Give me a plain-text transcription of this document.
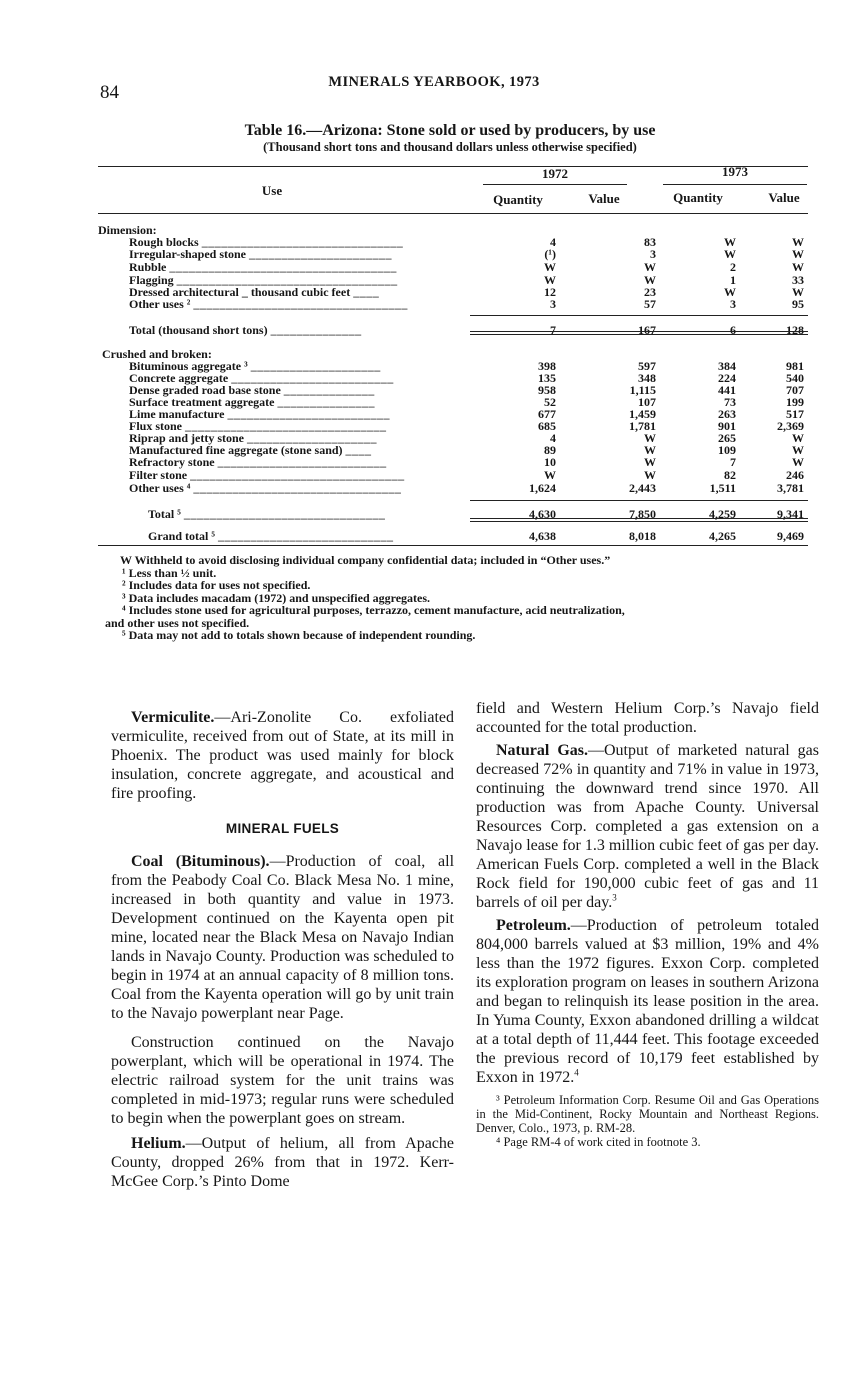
84	MINERALS YEARBOOK, 1973
Table 16.—Arizona: Stone sold or used by producers, by use
(Thousand short tons and thousand dollars unless otherwise specified)
Use
1972	1973
Quantity	Value	Quantity	Value
Dimension:
Rough blocks _______________________________	4	83	W	W
Irregular-shaped stone ______________________	(¹)	3	W	W
Rubble ___________________________________	W	W	2	W
Flagging __________________________________	W	W	1	33
Dressed architectural _ thousand cubic feet ____	12	23	W	W
Other uses ² _________________________________	3	57	3	95
Total (thousand short tons) ______________	7	167	6	128
Crushed and broken:
Bituminous aggregate ³ ____________________	398	597	384	981
Concrete aggregate _________________________	135	348	224	540
Dense graded road base stone ______________	958	1,115	441	707
Surface treatment aggregate _______________	52	107	73	199
Lime manufacture _________________________	677	1,459	263	517
Flux stone _______________________________	685	1,781	901	2,369
Riprap and jetty stone ____________________	4	W	265	W
Manufactured fine aggregate (stone sand) ____	89	W	109	W
Refractory stone __________________________	10	W	7	W
Filter stone _________________________________	W	W	82	246
Other uses ⁴ ________________________________	1,624	2,443	1,511	3,781
Total ⁵ _______________________________	4,630	7,850	4,259	9,341
Grand total ⁵ ___________________________	4,638	8,018	4,265	9,469
W Withheld to avoid disclosing individual company confidential data; included in “Other uses.”
¹ Less than ½ unit.
² Includes data for uses not specified.
³ Data includes macadam (1972) and unspecified aggregates.
⁴ Includes stone used for agricultural purposes, terrazzo, cement manufacture, acid neutralization,
and other uses not specified.
⁵ Data may not add to totals shown because of independent rounding.

Vermiculite.—Ari-Zonolite Co. exfoliated vermiculite, received from out of State, at its mill in Phoenix. The product was used mainly for block insulation, concrete aggregate, and acoustical and fire proofing.

MINERAL FUELS

Coal (Bituminous).—Production of coal, all from the Peabody Coal Co. Black Mesa No. 1 mine, increased in both quantity and value in 1973. Development continued on the Kayenta open pit mine, located near the Black Mesa on Navajo Indian lands in Navajo County. Production was scheduled to begin in 1974 at an annual capacity of 8 million tons. Coal from the Kayenta operation will go by unit train to the Navajo powerplant near Page.

Construction continued on the Navajo powerplant, which will be operational in 1974. The electric railroad system for the unit trains was completed in mid-1973; regular runs were scheduled to begin when the powerplant goes on stream.

Helium.—Output of helium, all from Apache County, dropped 26% from that in 1972. Kerr-McGee Corp.’s Pinto Dome

field and Western Helium Corp.’s Navajo field accounted for the total production.

Natural Gas.—Output of marketed natural gas decreased 72% in quantity and 71% in value in 1973, continuing the downward trend since 1970. All production was from Apache County. Universal Resources Corp. completed a gas extension on a Navajo lease for 1.3 million cubic feet of gas per day. American Fuels Corp. completed a well in the Black Rock field for 190,000 cubic feet of gas and 11 barrels of oil per day.$^3$

Petroleum.—Production of petroleum totaled 804,000 barrels valued at $3 million, 19% and 4% less than the 1972 figures. Exxon Corp. completed its exploration program on leases in southern Arizona and began to relinquish its lease position in the area. In Yuma County, Exxon abandoned drilling a wildcat at a total depth of 11,444 feet. This footage exceeded the previous record of 10,179 feet established by Exxon in 1972.$^4$

³ Petroleum Information Corp. Resume Oil and Gas Operations in the Mid-Continent, Rocky Mountain and Northeast Regions. Denver, Colo., 1973, p. RM-28.
⁴ Page RM-4 of work cited in footnote 3.
